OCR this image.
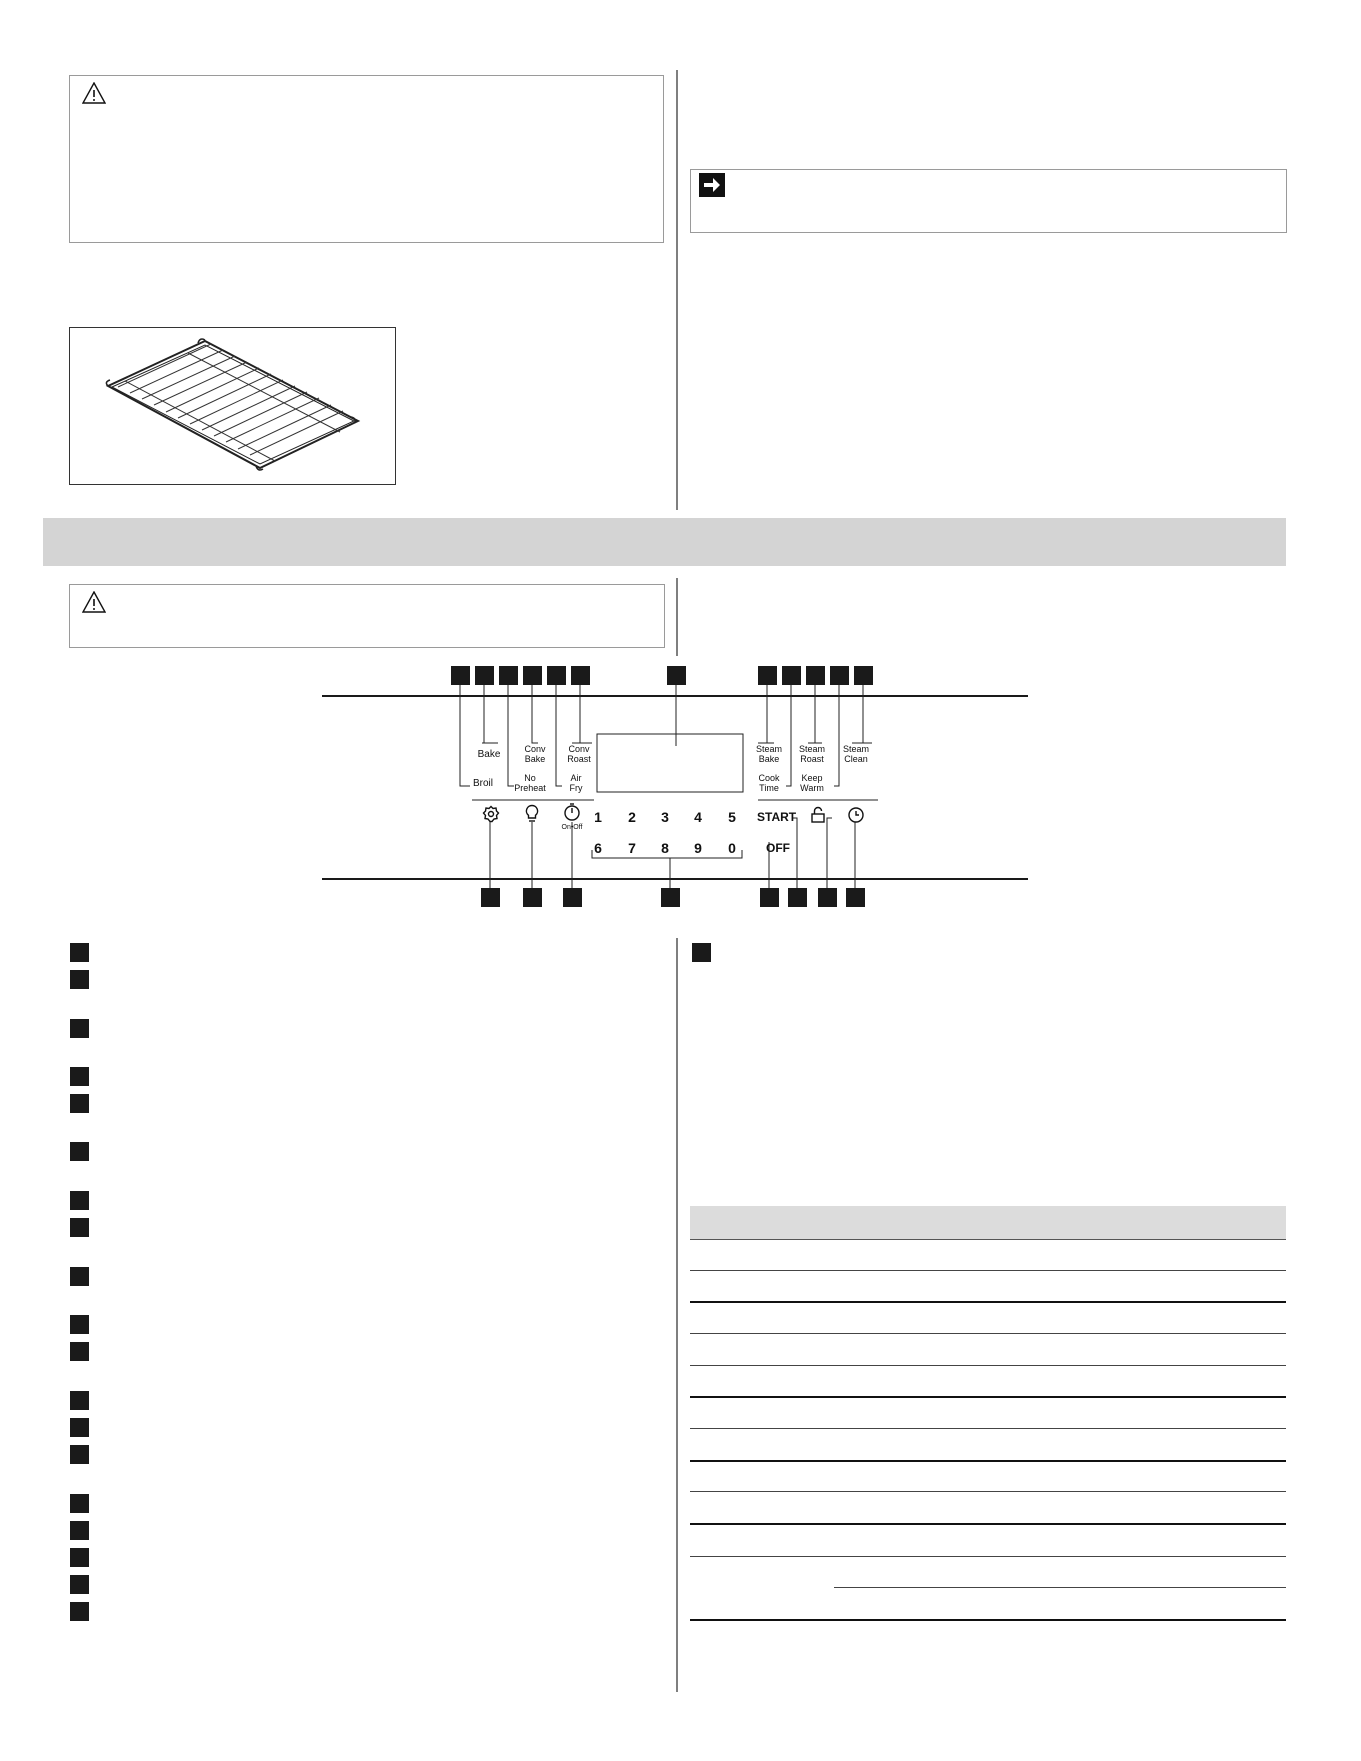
Broil
Bake
No
Preheat
Conv
Bake
Air
Fry
Conv
Roast
Steam
Bake
Cook
Time
Steam
Roast
Keep
Warm
Steam
Clean
On•Off
1	2	3	4	5
6	7	8	9	0
START
OFF
